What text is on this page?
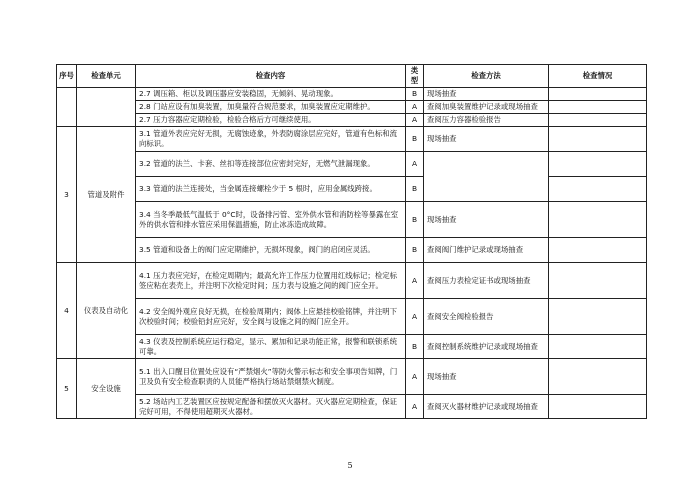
序号	检查单元	检查内容	类型	检查方法	检查情况
		2.7 调压箱、柜以及调压器应安装稳固，无倾斜、晃动现象。	B	现场抽查	
		2.8 门站应设有加臭装置，加臭量符合规范要求，加臭装置应定期维护。	A	查阅加臭装置维护记录或现场抽查	
		2.7 压力容器应定期检验，检验合格后方可继续使用。	A	查阅压力容器检验报告	
3	管道及附件	3.1 管道外表应完好无损，无腐蚀迹象，外表防腐涂层应完好，管道有色标和流向标识。	B	现场抽查	
		3.2 管道的法兰、卡套、丝扣等连接部位应密封完好，无燃气泄漏现象。	A		
		3.3 管道的法兰连接处，当金属连接螺栓少于 5 根时，应用金属线跨接。	B		
		3.4 当冬季最低气温低于 0°C时，设备排污管、室外供水管和消防栓等暴露在室外的供水管和排水管应采用保温措施，防止冰冻造成故障。	B	现场抽查	
		3.5 管道和设备上的阀门应定期維护，无损坏现象，阀门的启闭应灵活。	B	查阅阀门维护记录或现场抽查	
4	仪表及自动化	4.1 压力表应完好，在检定周期内；最高允许工作压力位置用红线标记；检定标签应粘在表壳上，并注明下次检定时间；压力表与设施之间的阀门应全开。	A	查阅压力表检定证书或现场抽查	
		4.2 安全阀外观应良好无损，在检验周期内；阀体上应悬挂校验铭牌，并注明下次校验时间；校验铅封应完好，安全阀与设施之间的阀门应全开。	A	查阅安全阀检验报告	
		4.3 仪表及控制系统应运行稳定，显示、累加和记录功能正常，报警和联锁系统可靠。	B	查阅控制系统维护记录或现场抽查	
5	安全设施	5.1 出入口醒目位置处应设有“严禁烟火”等防火警示标志和安全事项告知牌，门卫及负有安全检查职责的人员能严格执行场站禁烟禁火制度。	A	现场抽查	
		5.2 场站内工艺装置区应按规定配备和摆放灭火器材。灭火器应定期检查，保证完好可用，不得使用超期灭火器材。	A	查阅灭火器材维护记录或现场抽查	
5
